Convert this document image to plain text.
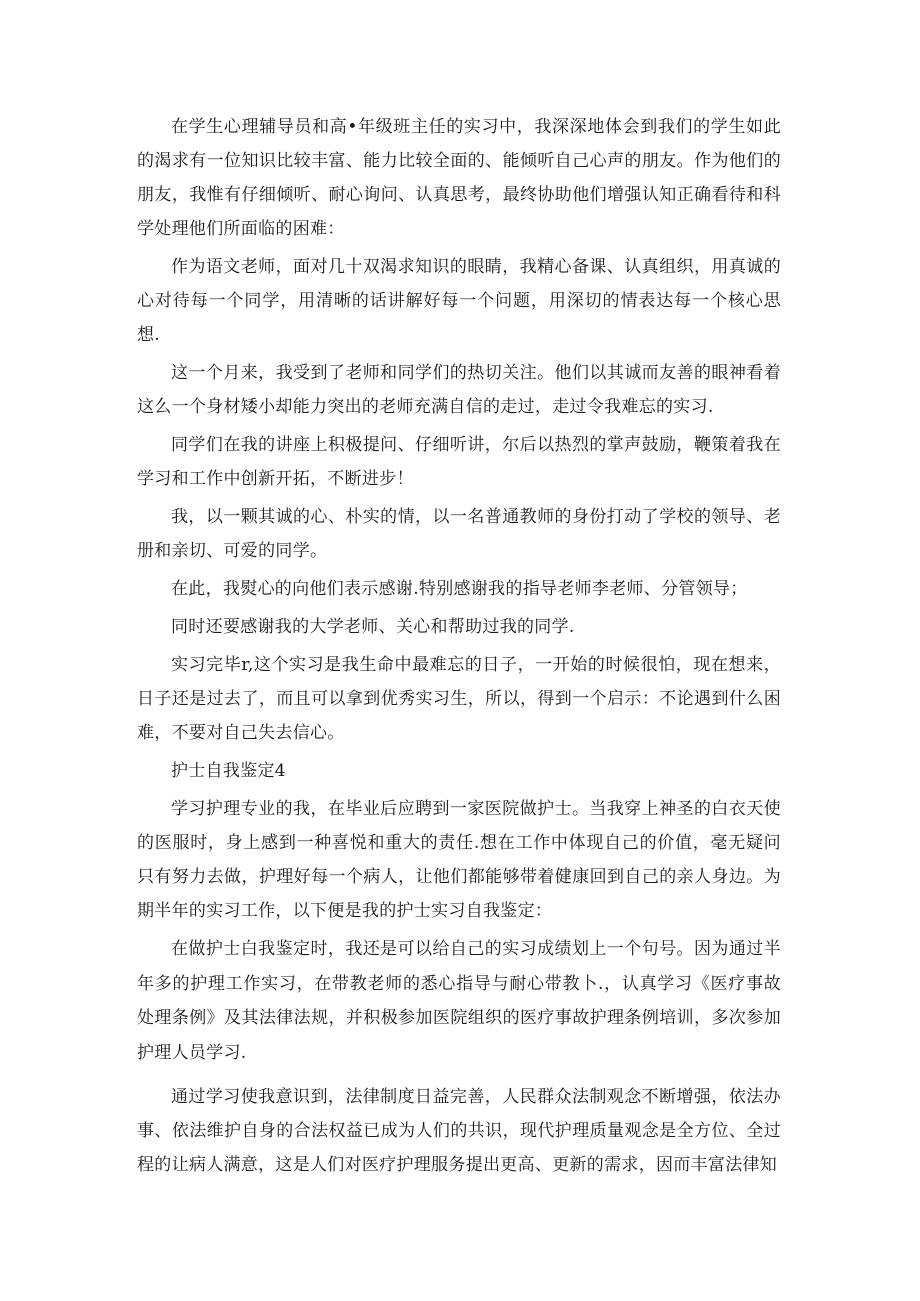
在学生心理辅导员和高•年级班主任的实习中，我深深地体会到我们的学生如此的渴求有一位知识比较丰富、能力比较全面的、能倾听自己心声的朋友。作为他们的朋友，我惟有仔细倾听、耐心询问、认真思考，最终协助他们增强认知正确看待和科学处理他们所面临的困难：

作为语文老师，面对几十双渴求知识的眼睛，我精心备课、认真组织，用真诚的心对待每一个同学，用清晰的话讲解好每一个问题，用深切的情表达每一个核心思想.

这一个月来，我受到了老师和同学们的热切关注。他们以其诚而友善的眼神看着这么一个身材矮小却能力突出的老师充满自信的走过，走过令我难忘的实习.

同学们在我的讲座上积极提问、仔细听讲，尔后以热烈的掌声鼓励，鞭策着我在学习和工作中创新开拓，不断进步！

我，以一颗其诚的心、朴实的情，以一名普通教师的身份打动了学校的领导、老册和亲切、可爱的同学。

在此，我熨心的向他们表示感谢.特别感谢我的指导老师李老师、分管领导；

同时还要感谢我的大学老师、关心和帮助过我的同学.

实习完毕r,这个实习是我生命中最难忘的日子，一开始的时候很怕，现在想来，日子还是过去了，而且可以拿到优秀实习生，所以，得到一个启示：不论遇到什么困难，不要对自己失去信心。

护士自我鉴定4

学习护理专业的我，在毕业后应聘到一家医院做护士。当我穿上神圣的白衣天使的医服时，身上感到一种喜悦和重大的责任.想在工作中体现自己的价值，毫无疑问只有努力去做，护理好每一个病人，让他们都能够带着健康回到自己的亲人身边。为期半年的实习工作，以下便是我的护士实习自我鉴定：

在做护士白我鉴定时，我还是可以给自己的实习成绩划上一个句号。因为通过半年多的护理工作实习，在带教老师的悉心指导与耐心带教卜.，认真学习《医疗事故处理条例》及其法律法规，并积极参加医院组织的医疗事故护理条例培训，多次参加护理人员学习.

通过学习使我意识到，法律制度日益完善，人民群众法制观念不断增强，依法办事、依法维护自身的合法权益已成为人们的共识，现代护理质量观念是全方位、全过程的让病人满意，这是人们对医疗护理服务提出更高、更新的需求，因而丰富法律知
